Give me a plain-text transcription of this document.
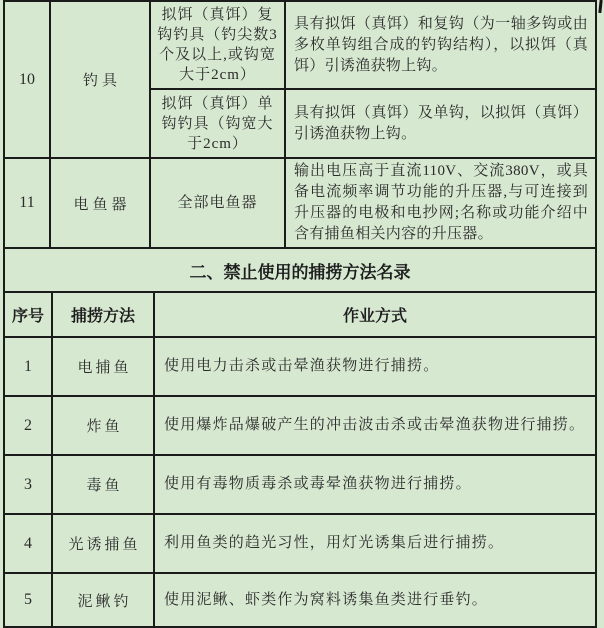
10	钓具	拟饵（真饵）复钩钓具（钓尖数3个及以上,或钩宽大于2cm）	具有拟饵（真饵）和复钩（为一轴多钩或由多枚单钩组合成的钓钩结构），以拟饵（真饵）引诱渔获物上钩。
		拟饵（真饵）单钩钓具（钩宽大于2cm）	具有拟饵（真饵）及单钩，以拟饵（真饵）引诱渔获物上钩。
11	电鱼器	全部电鱼器	输出电压高于直流110V、交流380V，或具备电流频率调节功能的升压器,与可连接到升压器的电极和电抄网;名称或功能介绍中含有捕鱼相关内容的升压器。
二、禁止使用的捕捞方法名录		
序号	捕捞方法	作业方式
1	电捕鱼	使用电力击杀或击晕渔获物进行捕捞。
2	炸鱼	使用爆炸品爆破产生的冲击波击杀或击晕渔获物进行捕捞。
3	毒鱼	使用有毒物质毒杀或毒晕渔获物进行捕捞。
4	光诱捕鱼	利用鱼类的趋光习性，用灯光诱集后进行捕捞。
5	泥鳅钓	使用泥鳅、虾类作为窝料诱集鱼类进行垂钓。
